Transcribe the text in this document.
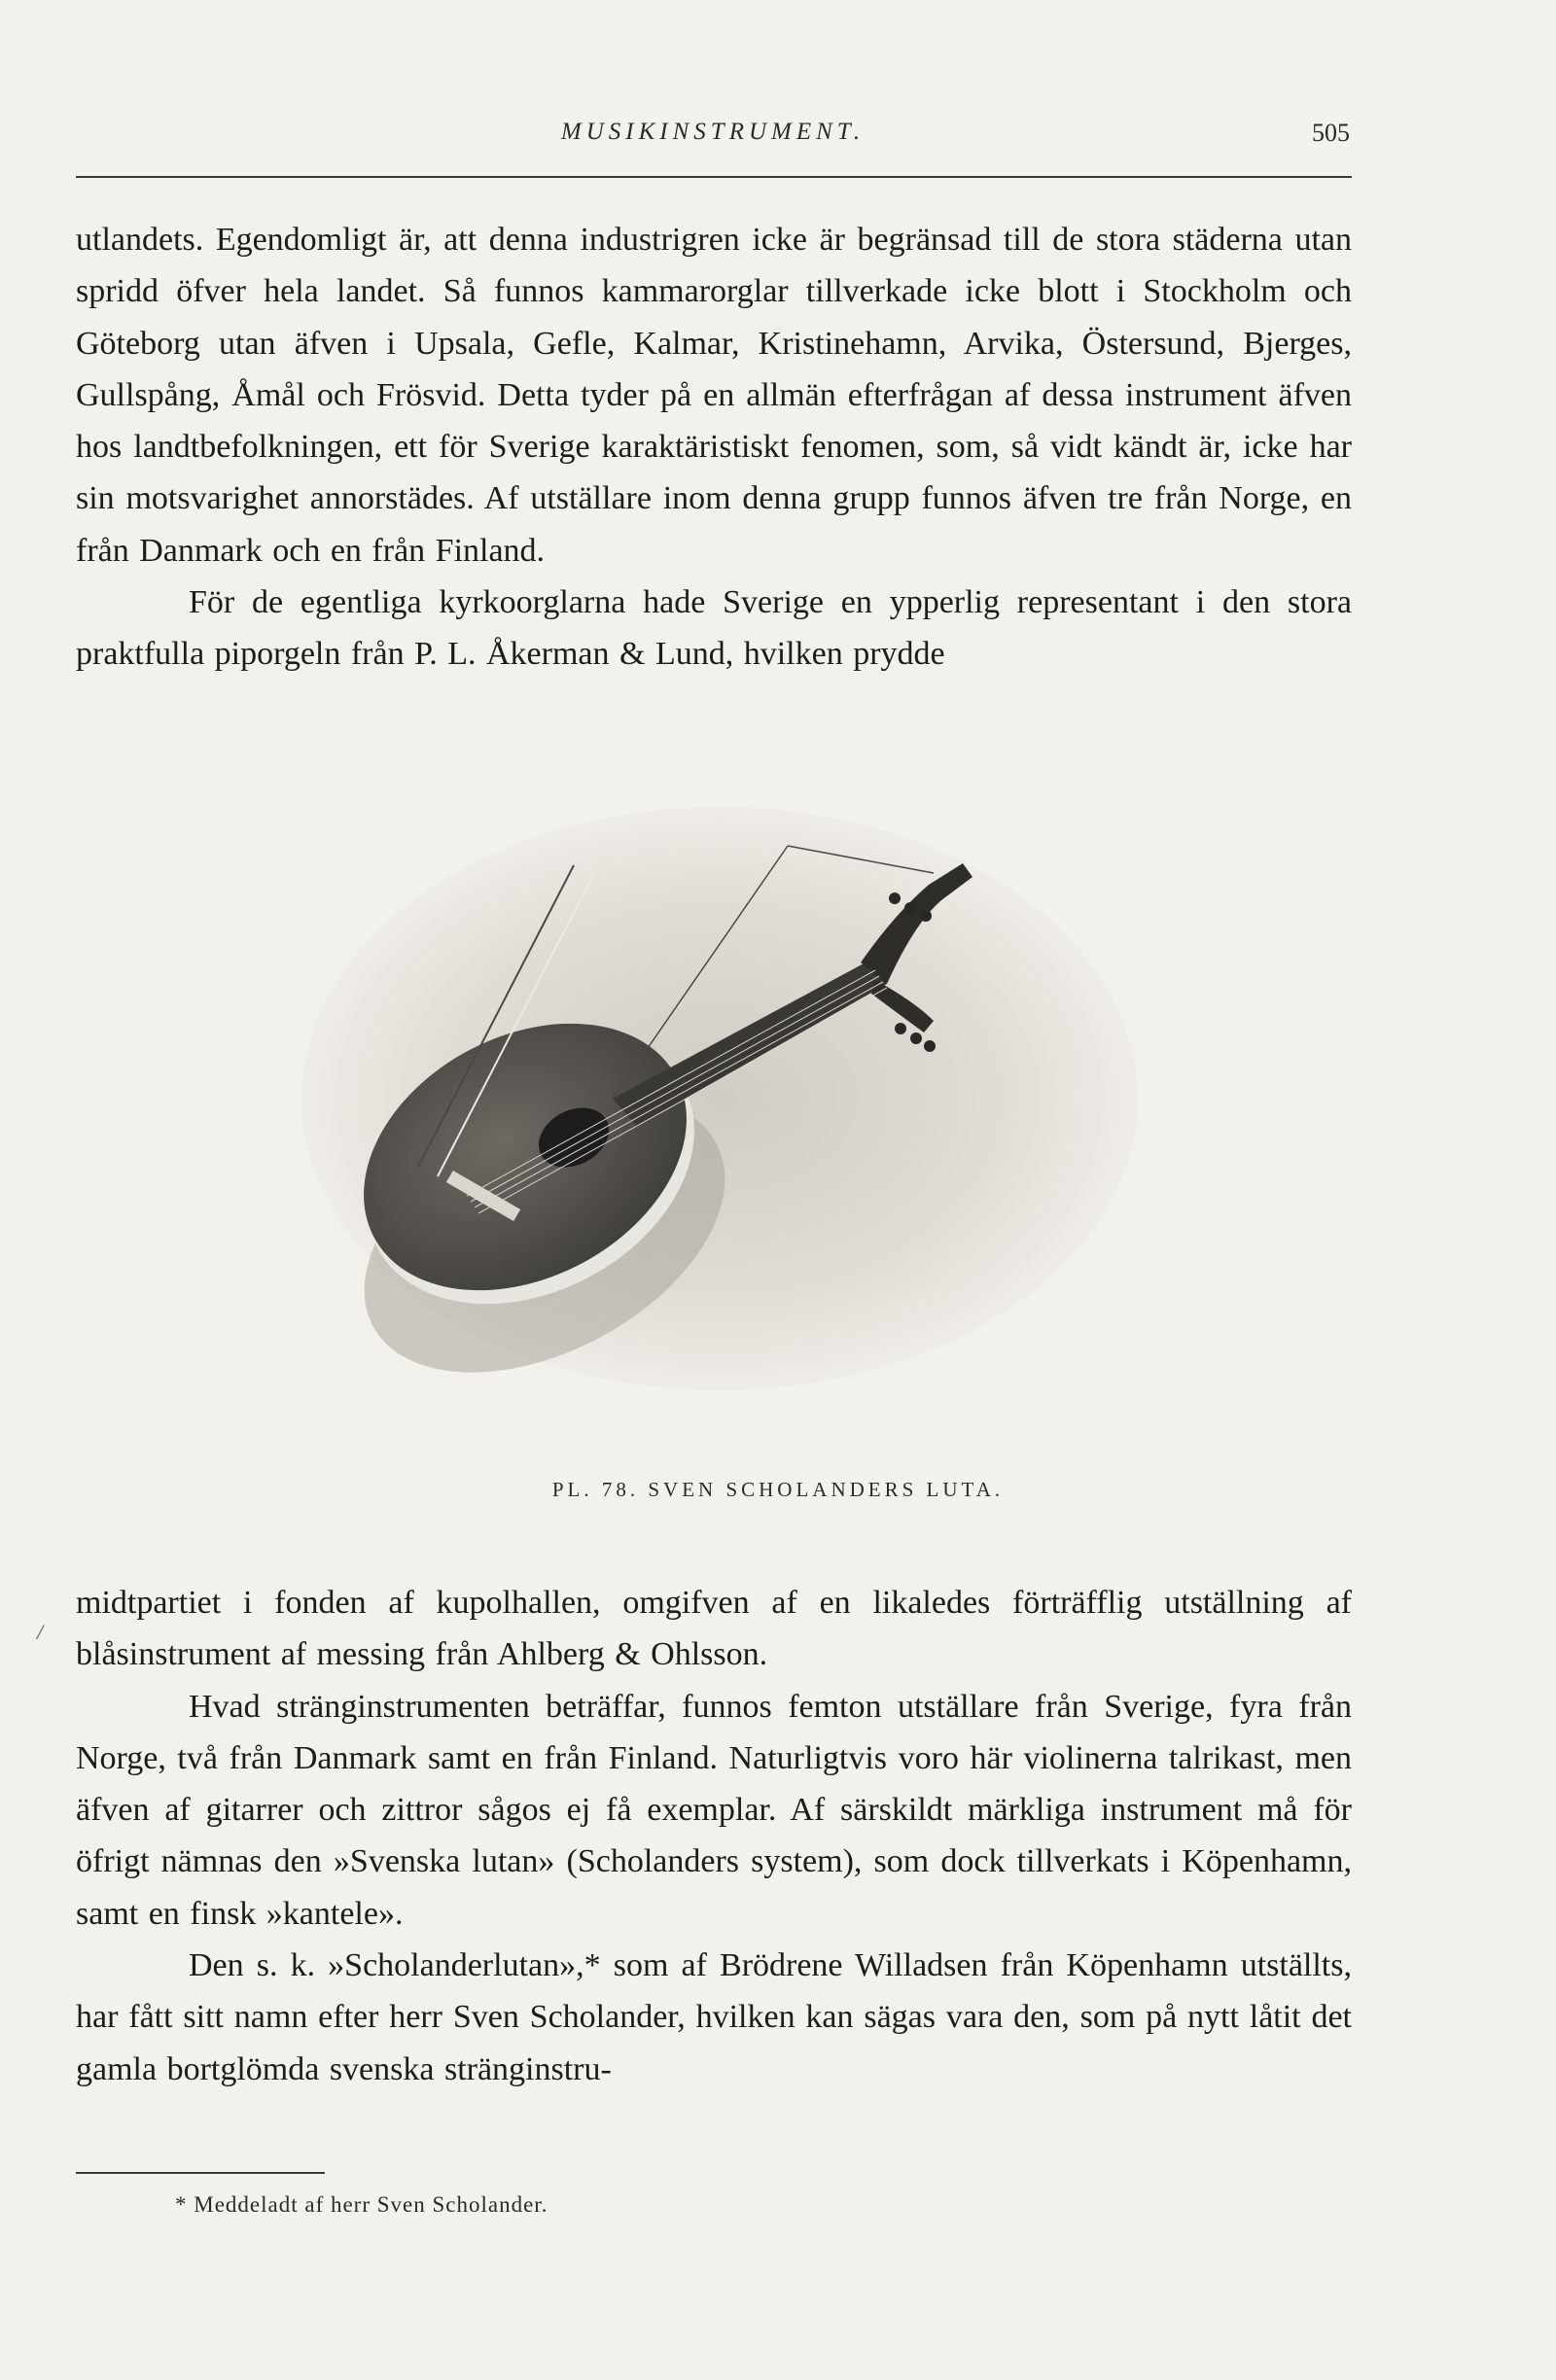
MUSIKINSTRUMENT.	505

utlandets. Egendomligt är, att denna industrigren icke är begränsad till de stora städerna utan spridd öfver hela landet. Så funnos kammarorglar tillverkade icke blott i Stockholm och Göteborg utan äfven i Upsala, Gefle, Kalmar, Kristinehamn, Arvika, Östersund, Bjerges, Gullspång, Åmål och Frösvid. Detta tyder på en allmän efterfrågan af dessa instrument äfven hos landtbefolkningen, ett för Sverige karaktäristiskt fenomen, som, så vidt kändt är, icke har sin motsvarighet annorstädes. Af utställare inom denna grupp funnos äfven tre från Norge, en från Danmark och en från Finland.

För de egentliga kyrkoorglarna hade Sverige en ypperlig representant i den stora praktfulla piporgeln från P. L. Åkerman & Lund, hvilken prydde

PL. 78. SVEN SCHOLANDERS LUTA.
/

midtpartiet i fonden af kupolhallen, omgifven af en likaledes förträfflig utställning af blåsinstrument af messing från Ahlberg & Ohlsson.

Hvad stränginstrumenten beträffar, funnos femton utställare från Sverige, fyra från Norge, två från Danmark samt en från Finland. Naturligtvis voro här violinerna talrikast, men äfven af gitarrer och zittror sågos ej få exemplar. Af särskildt märkliga instrument må för öfrigt nämnas den »Svenska lutan» (Scholanders system), som dock tillverkats i Köpenhamn, samt en finsk »kantele».

Den s. k. »Scholanderlutan»,* som af Brödrene Willadsen från Köpenhamn utställts, har fått sitt namn efter herr Sven Scholander, hvilken kan sägas vara den, som på nytt låtit det gamla bortglömda svenska stränginstru-

* Meddeladt af herr Sven Scholander.
